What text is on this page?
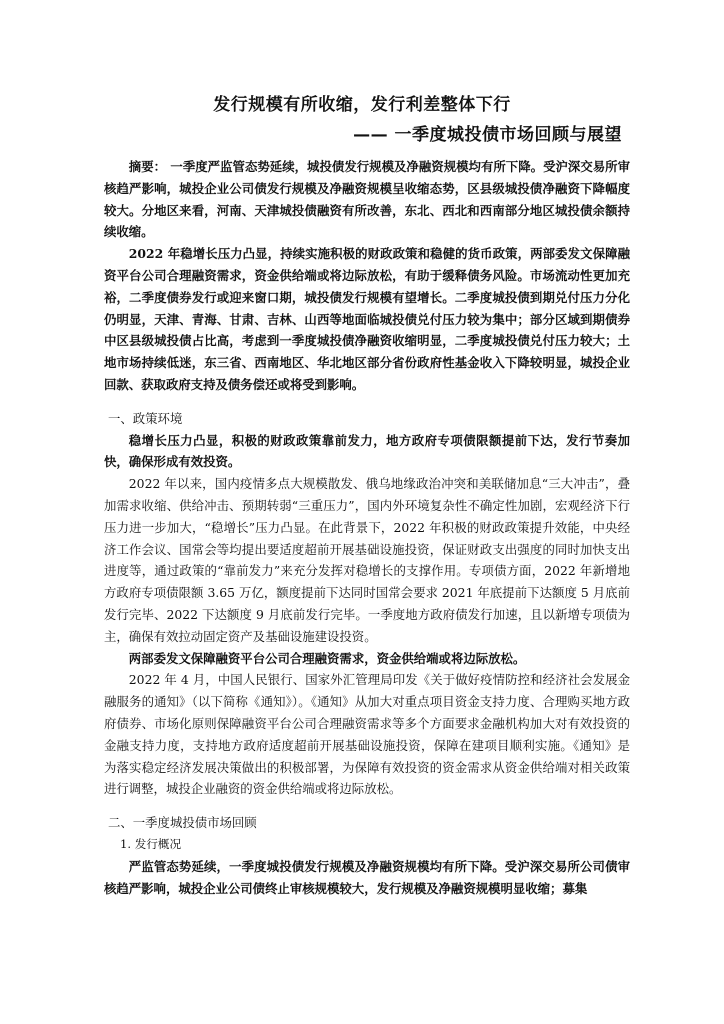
发行规模有所收缩，发行利差整体下行
—— 一季度城投债市场回顾与展望

摘要： 一季度严监管态势延续，城投债发行规模及净融资规模均有所下降。受沪深交易所审核趋严影响，城投企业公司债发行规模及净融资规模呈收缩态势，区县级城投债净融资下降幅度较大。分地区来看，河南、天津城投债融资有所改善，东北、西北和西南部分地区城投债余额持续收缩。

2022 年稳增长压力凸显，持续实施积极的财政政策和稳健的货币政策，两部委发文保障融资平台公司合理融资需求，资金供给端或将边际放松，有助于缓释债务风险。市场流动性更加充裕，二季度债券发行或迎来窗口期，城投债发行规模有望增长。二季度城投债到期兑付压力分化仍明显，天津、青海、甘肃、吉林、山西等地面临城投债兑付压力较为集中；部分区域到期债券中区县级城投债占比高，考虑到一季度城投债净融资收缩明显，二季度城投债兑付压力较大；土地市场持续低迷，东三省、西南地区、华北地区部分省份政府性基金收入下降较明显，城投企业回款、获取政府支持及债务偿还或将受到影响。

一、政策环境

稳增长压力凸显，积极的财政政策靠前发力，地方政府专项债限额提前下达，发行节奏加快，确保形成有效投资。

2022 年以来，国内疫情多点大规模散发、俄乌地缘政治冲突和美联储加息“三大冲击”，叠加需求收缩、供给冲击、预期转弱“三重压力”，国内外环境复杂性不确定性加剧，宏观经济下行压力进一步加大，“稳增长”压力凸显。在此背景下，2022 年积极的财政政策提升效能，中央经济工作会议、国常会等均提出要适度超前开展基础设施投资，保证财政支出强度的同时加快支出进度等，通过政策的“靠前发力”来充分发挥对稳增长的支撑作用。专项债方面，2022 年新增地方政府专项债限额 3.65 万亿，额度提前下达同时国常会要求 2021 年底提前下达额度 5 月底前发行完毕、2022 下达额度 9 月底前发行完毕。一季度地方政府债发行加速，且以新增专项债为主，确保有效拉动固定资产及基础设施建设投资。

两部委发文保障融资平台公司合理融资需求，资金供给端或将边际放松。

2022 年 4 月，中国人民银行、国家外汇管理局印发《关于做好疫情防控和经济社会发展金融服务的通知》（以下简称《通知》）。《通知》从加大对重点项目资金支持力度、合理购买地方政府债券、市场化原则保障融资平台公司合理融资需求等多个方面要求金融机构加大对有效投资的金融支持力度，支持地方政府适度超前开展基础设施投资，保障在建项目顺利实施。《通知》是为落实稳定经济发展决策做出的积极部署，为保障有效投资的资金需求从资金供给端对相关政策进行调整，城投企业融资的资金供给端或将边际放松。

二、一季度城投债市场回顾

1. 发行概况

严监管态势延续，一季度城投债发行规模及净融资规模均有所下降。受沪深交易所公司债审核趋严影响，城投企业公司债终止审核规模较大，发行规模及净融资规模明显收缩；募集
